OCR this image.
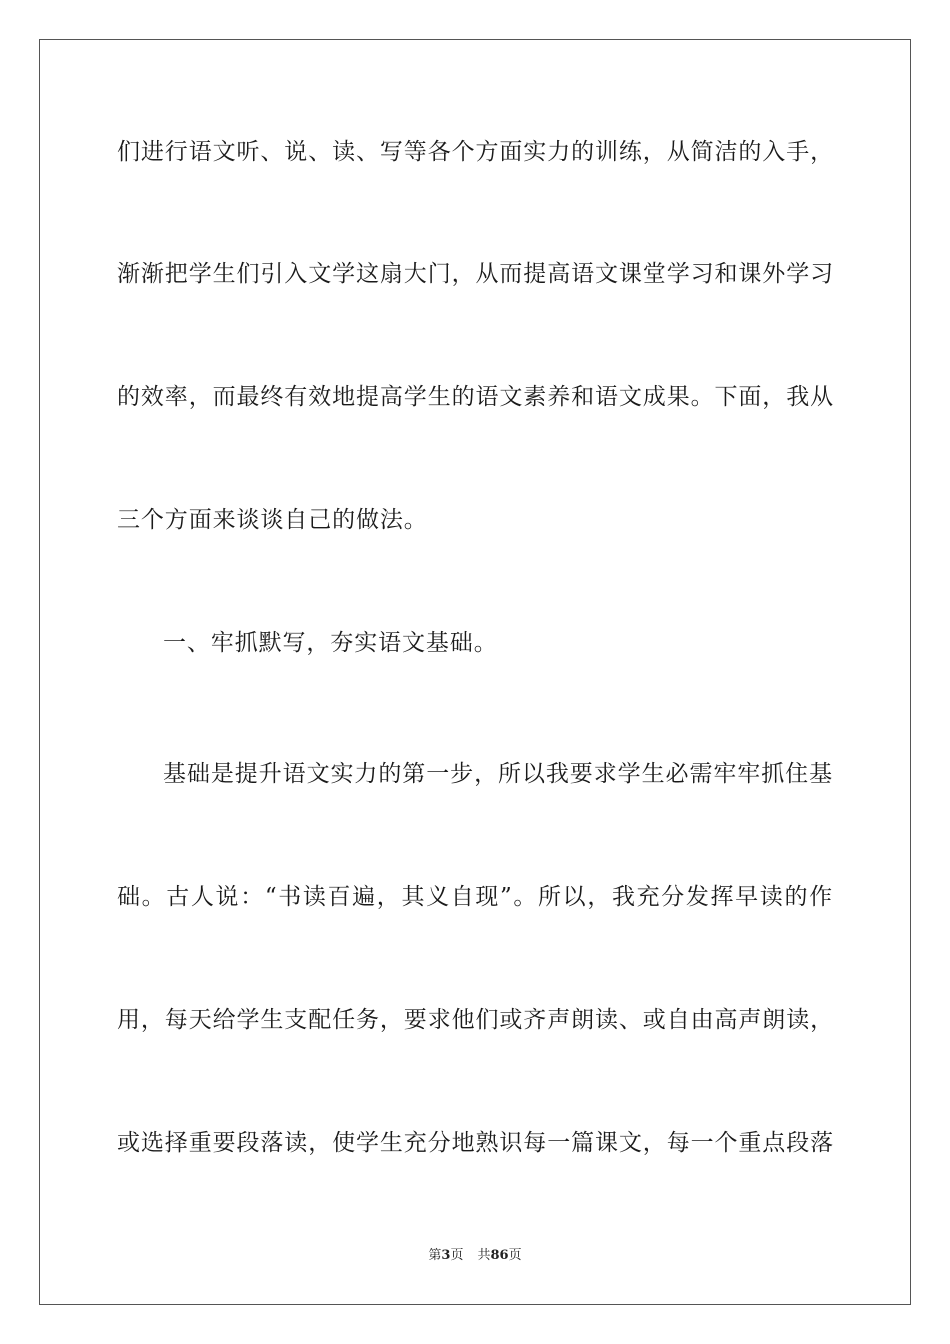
们进行语文听、说、读、写等各个方面实力的训练，从简洁的入手，
渐渐把学生们引入文学这扇大门，从而提高语文课堂学习和课外学习
的效率，而最终有效地提高学生的语文素养和语文成果。下面，我从
三个方面来谈谈自己的做法。
一、牢抓默写，夯实语文基础。
基础是提升语文实力的第一步，所以我要求学生必需牢牢抓住基
础。古人说：“书读百遍，其义自现”。所以，我充分发挥早读的作
用，每天给学生支配任务，要求他们或齐声朗读、或自由高声朗读，
或选择重要段落读，使学生充分地熟识每一篇课文，每一个重点段落
第3页 共86页
